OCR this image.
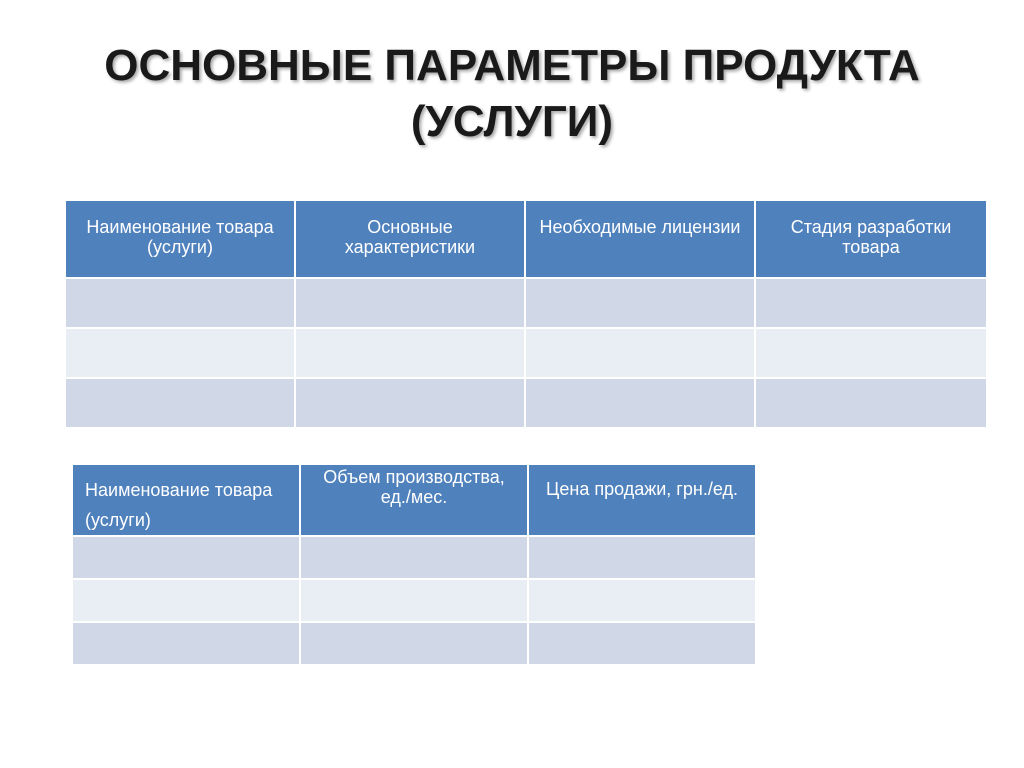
ОСНОВНЫЕ ПАРАМЕТРЫ ПРОДУКТА
(УСЛУГИ)
Наименование товара (услуги)	Основные характеристики	Необходимые лицензии	Стадия разработки товара

Наименование товара (услуги)	Объем производства, ед./мес.	Цена продажи, грн./ед.
